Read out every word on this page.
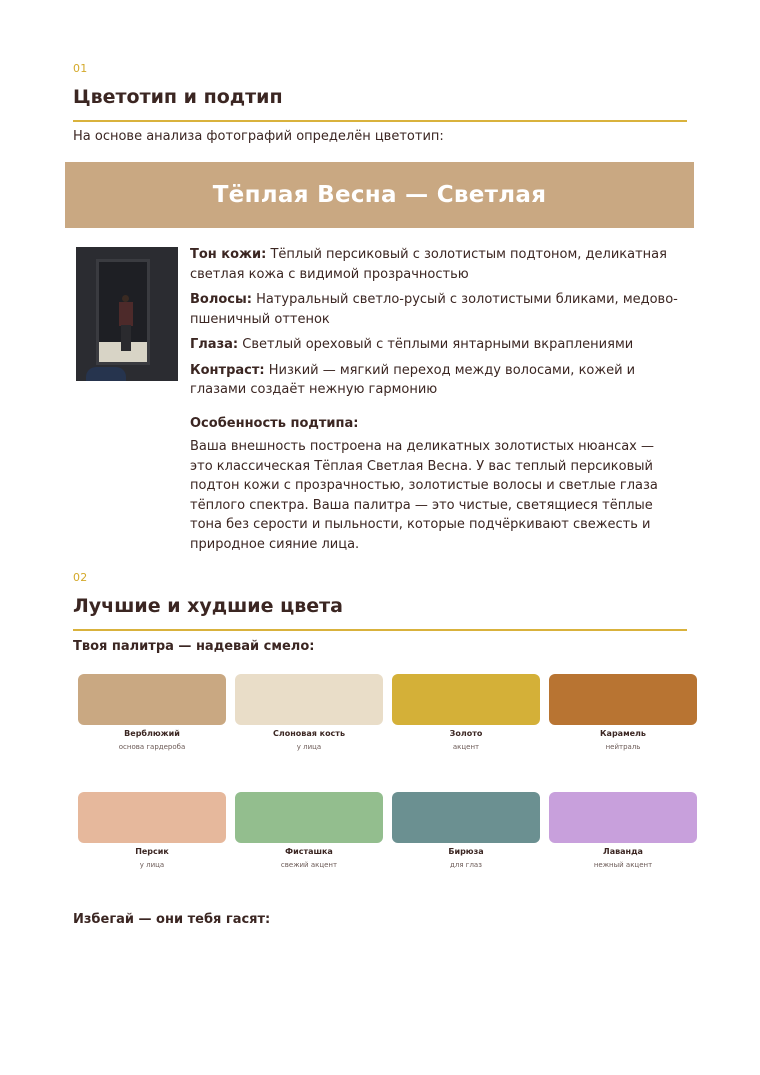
01
Цветотип и подтип
На основе анализа фотографий определён цветотип:
Тёплая Весна — Светлая
Тон кожи: Тёплый персиковый с золотистым подтоном, деликатная светлая кожа с видимой прозрачностью
Волосы: Натуральный светло-русый с золотистыми бликами, медово-пшеничный оттенок
Глаза: Светлый ореховый с тёплыми янтарными вкраплениями
Контраст: Низкий — мягкий переход между волосами, кожей и глазами создаёт нежную гармонию
Особенность подтипа:
Ваша внешность построена на деликатных золотистых нюансах — это классическая Тёплая Светлая Весна. У вас теплый персиковый подтон кожи с прозрачностью, золотистые волосы и светлые глаза тёплого спектра. Ваша палитра — это чистые, светящиеся тёплые тона без серости и пыльности, которые подчёркивают свежесть и природное сияние лица.
02
Лучшие и худшие цвета
Твоя палитра — надевай смело:
Верблюжий
основа гардероба
Слоновая кость
у лица
Золото
акцент
Карамель
нейтраль
Персик
у лица
Фисташка
свежий акцент
Бирюза
для глаз
Лаванда
нежный акцент
Избегай — они тебя гасят:
